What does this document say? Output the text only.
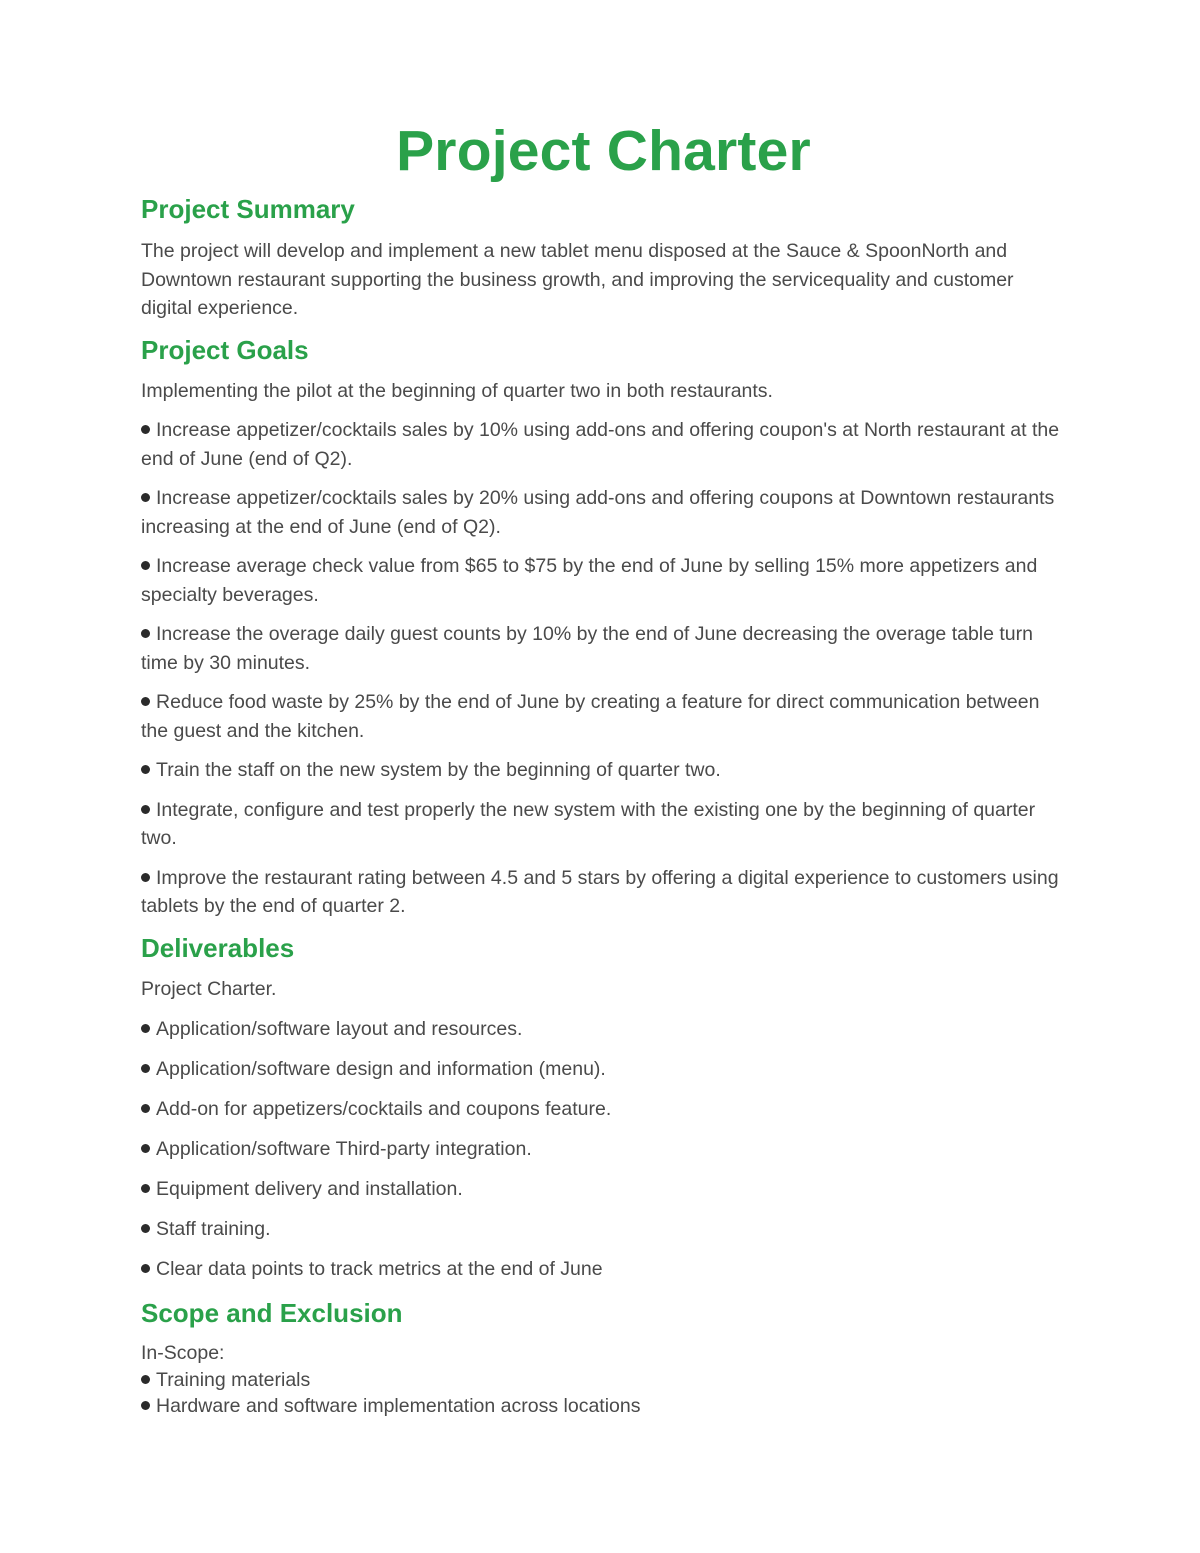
Project Charter
Project Summary

The project will develop and implement a new tablet menu disposed at the Sauce & SpoonNorth and Downtown restaurant supporting the business growth, and improving the servicequality and customer digital experience.

Project Goals

Implementing the pilot at the beginning of quarter two in both restaurants.

Increase appetizer/cocktails sales by 10% using add-ons and offering coupon's at North restaurant at the end of June (end of Q2).

Increase appetizer/cocktails sales by 20% using add-ons and offering coupons at Downtown restaurants increasing at the end of June (end of Q2).

Increase average check value from $65 to $75 by the end of June by selling 15% more appetizers and specialty beverages.

Increase the overage daily guest counts by 10% by the end of June decreasing the overage table turn time by 30 minutes.

Reduce food waste by 25% by the end of June by creating a feature for direct communication between the guest and the kitchen.

Train the staff on the new system by the beginning of quarter two.

Integrate, configure and test properly the new system with the existing one by the beginning of quarter two.

Improve the restaurant rating between 4.5 and 5 stars by offering a digital experience to customers using tablets by the end of quarter 2.

Deliverables

Project Charter.

Application/software layout and resources.

Application/software design and information (menu).

Add-on for appetizers/cocktails and coupons feature.

Application/software Third-party integration.

Equipment delivery and installation.

Staff training.

Clear data points to track metrics at the end of June

Scope and Exclusion

In-Scope:

Training materials

Hardware and software implementation across locations
